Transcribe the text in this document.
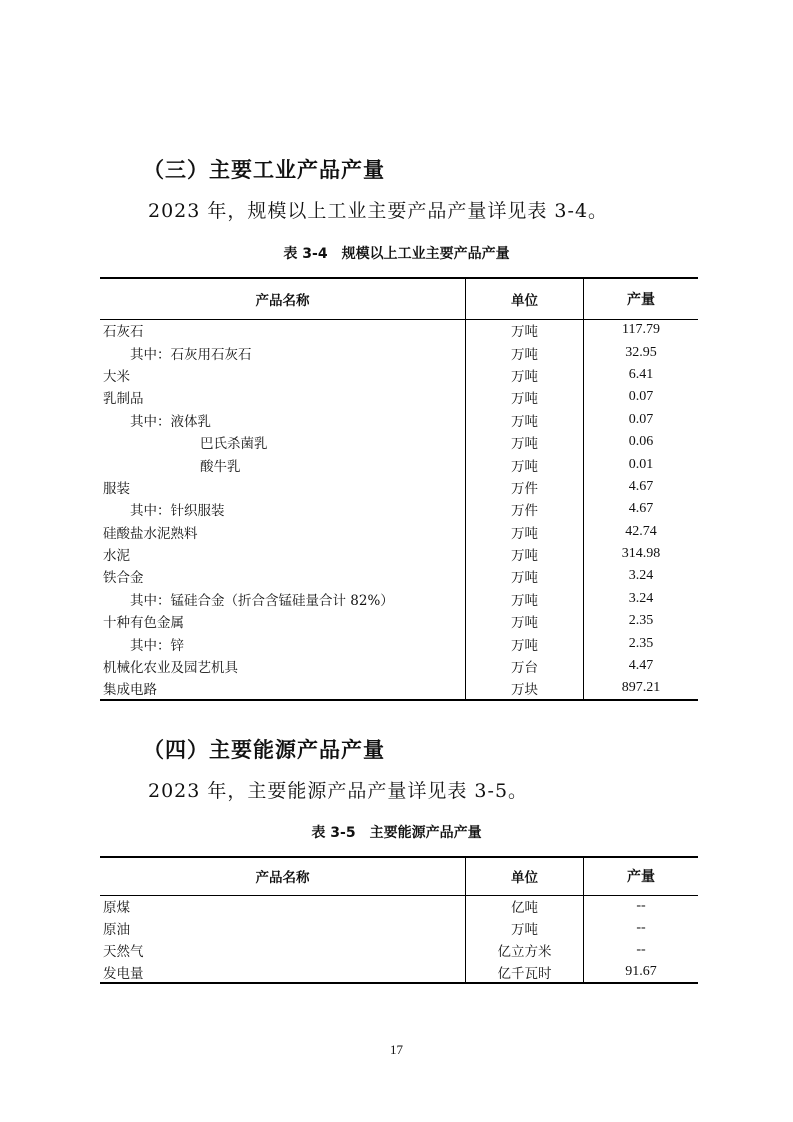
（三）主要工业产品产量
2023 年，规模以上工业主要产品产量详见表 3-4。
表 3-4　规模以上工业主要产品产量
产品名称	单位	产量
石灰石	万吨	117.79
其中：石灰用石灰石	万吨	32.95
大米	万吨	6.41
乳制品	万吨	0.07
其中：液体乳	万吨	0.07
巴氏杀菌乳	万吨	0.06
酸牛乳	万吨	0.01
服装	万件	4.67
其中：针织服装	万件	4.67
硅酸盐水泥熟料	万吨	42.74
水泥	万吨	314.98
铁合金	万吨	3.24
其中：锰硅合金（折合含锰硅量合计 82%）	万吨	3.24
十种有色金属	万吨	2.35
其中：锌	万吨	2.35
机械化农业及园艺机具	万台	4.47
集成电路	万块	897.21
（四）主要能源产品产量
2023 年，主要能源产品产量详见表 3-5。
表 3-5　主要能源产品产量
产品名称	单位	产量
原煤	亿吨	--
原油	万吨	--
天然气	亿立方米	--
发电量	亿千瓦时	91.67
17
